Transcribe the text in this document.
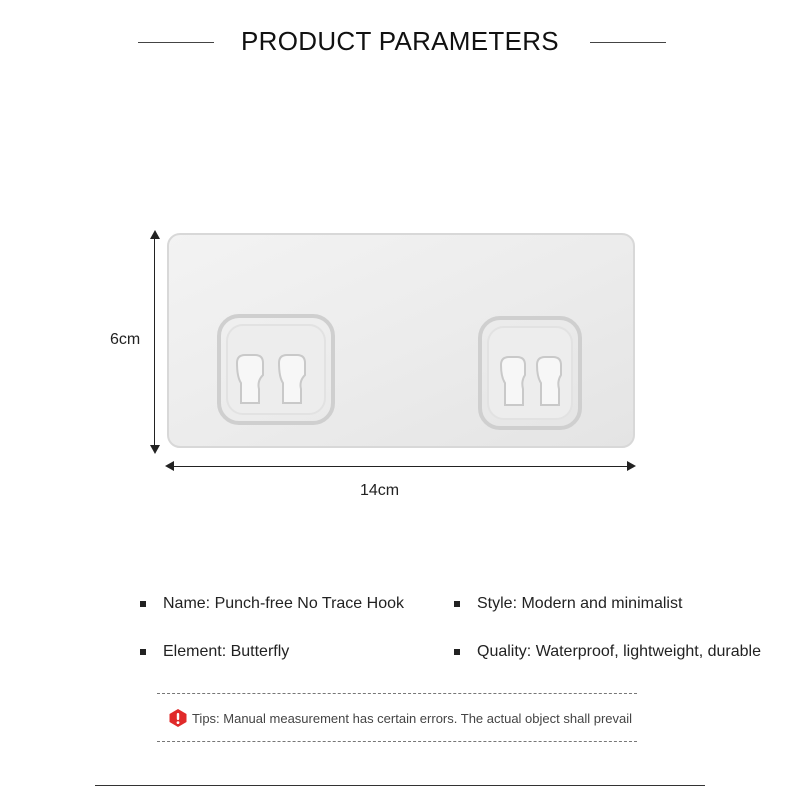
PRODUCT PARAMETERS
6cm
14cm
Name: Punch-free No Trace Hook	Style: Modern and minimalist
Element: Butterfly	Quality: Waterproof, lightweight, durable
Tips: Manual measurement has certain errors. The actual object shall prevail
